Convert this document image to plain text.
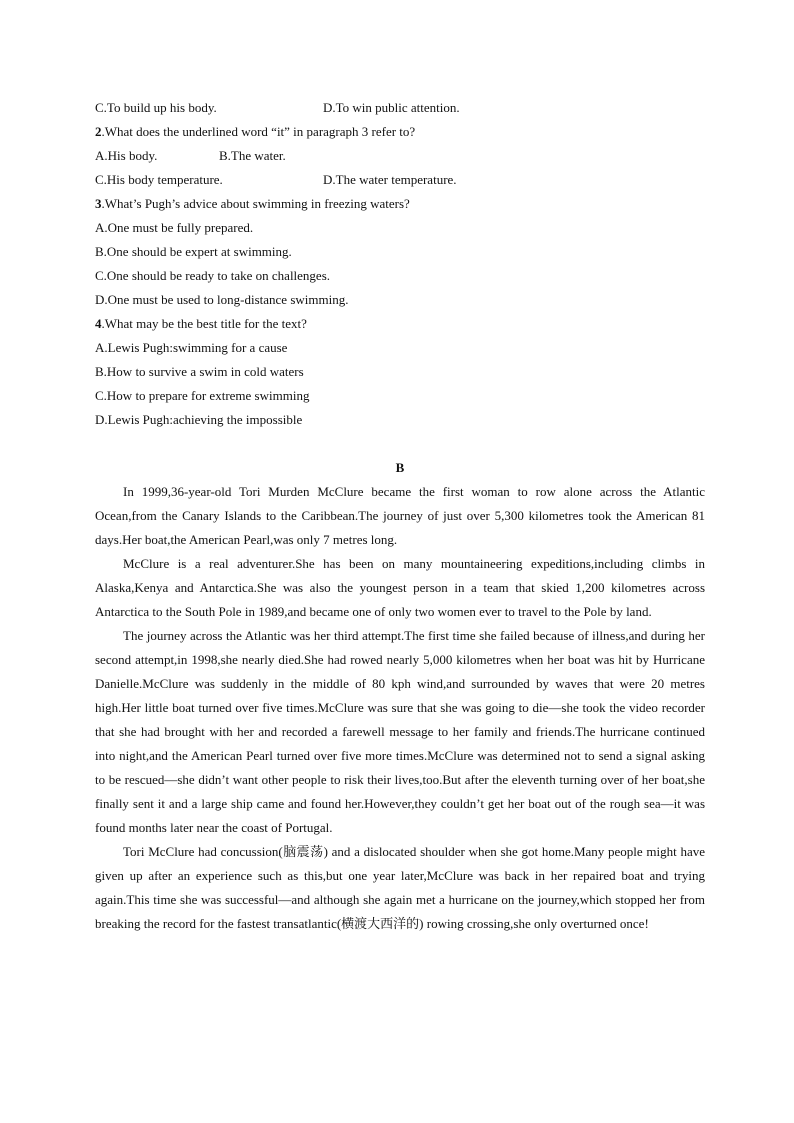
C.To build up his body.	D.To win public attention.
2.What does the underlined word “it” in paragraph 3 refer to?
A.His body.	B.The water.
C.His body temperature.	D.The water temperature.
3.What’s Pugh’s advice about swimming in freezing waters?
A.One must be fully prepared.
B.One should be expert at swimming.
C.One should be ready to take on challenges.
D.One must be used to long-distance swimming.
4.What may be the best title for the text?
A.Lewis Pugh:swimming for a cause
B.How to survive a swim in cold waters
C.How to prepare for extreme swimming
D.Lewis Pugh:achieving the impossible
B

In 1999,36-year-old Tori Murden McClure became the first woman to row alone across the Atlantic Ocean,from the Canary Islands to the Caribbean.The journey of just over 5,300 kilometres took the American 81 days.Her boat,the American Pearl,was only 7 metres long.

McClure is a real adventurer.She has been on many mountaineering expeditions,including climbs in Alaska,Kenya and Antarctica.She was also the youngest person in a team that skied 1,200 kilometres across Antarctica to the South Pole in 1989,and became one of only two women ever to travel to the Pole by land.

The journey across the Atlantic was her third attempt.The first time she failed because of illness,and during her second attempt,in 1998,she nearly died.She had rowed nearly 5,000 kilometres when her boat was hit by Hurricane Danielle.McClure was suddenly in the middle of 80 kph wind,and surrounded by waves that were 20 metres high.Her little boat turned over five times.McClure was sure that she was going to die—she took the video recorder that she had brought with her and recorded a farewell message to her family and friends.The hurricane continued into night,and the American Pearl turned over five more times.McClure was determined not to send a signal asking to be rescued—she didn’t want other people to risk their lives,too.But after the eleventh turning over of her boat,she finally sent it and a large ship came and found her.However,they couldn’t get her boat out of the rough sea—it was found months later near the coast of Portugal.

Tori McClure had concussion(脑震荡) and a dislocated shoulder when she got home.Many people might have given up after an experience such as this,but one year later,McClure was back in her repaired boat and trying again.This time she was successful—and although she again met a hurricane on the journey,which stopped her from breaking the record for the fastest transatlantic(横渡大西洋的) rowing crossing,she only overturned once!
